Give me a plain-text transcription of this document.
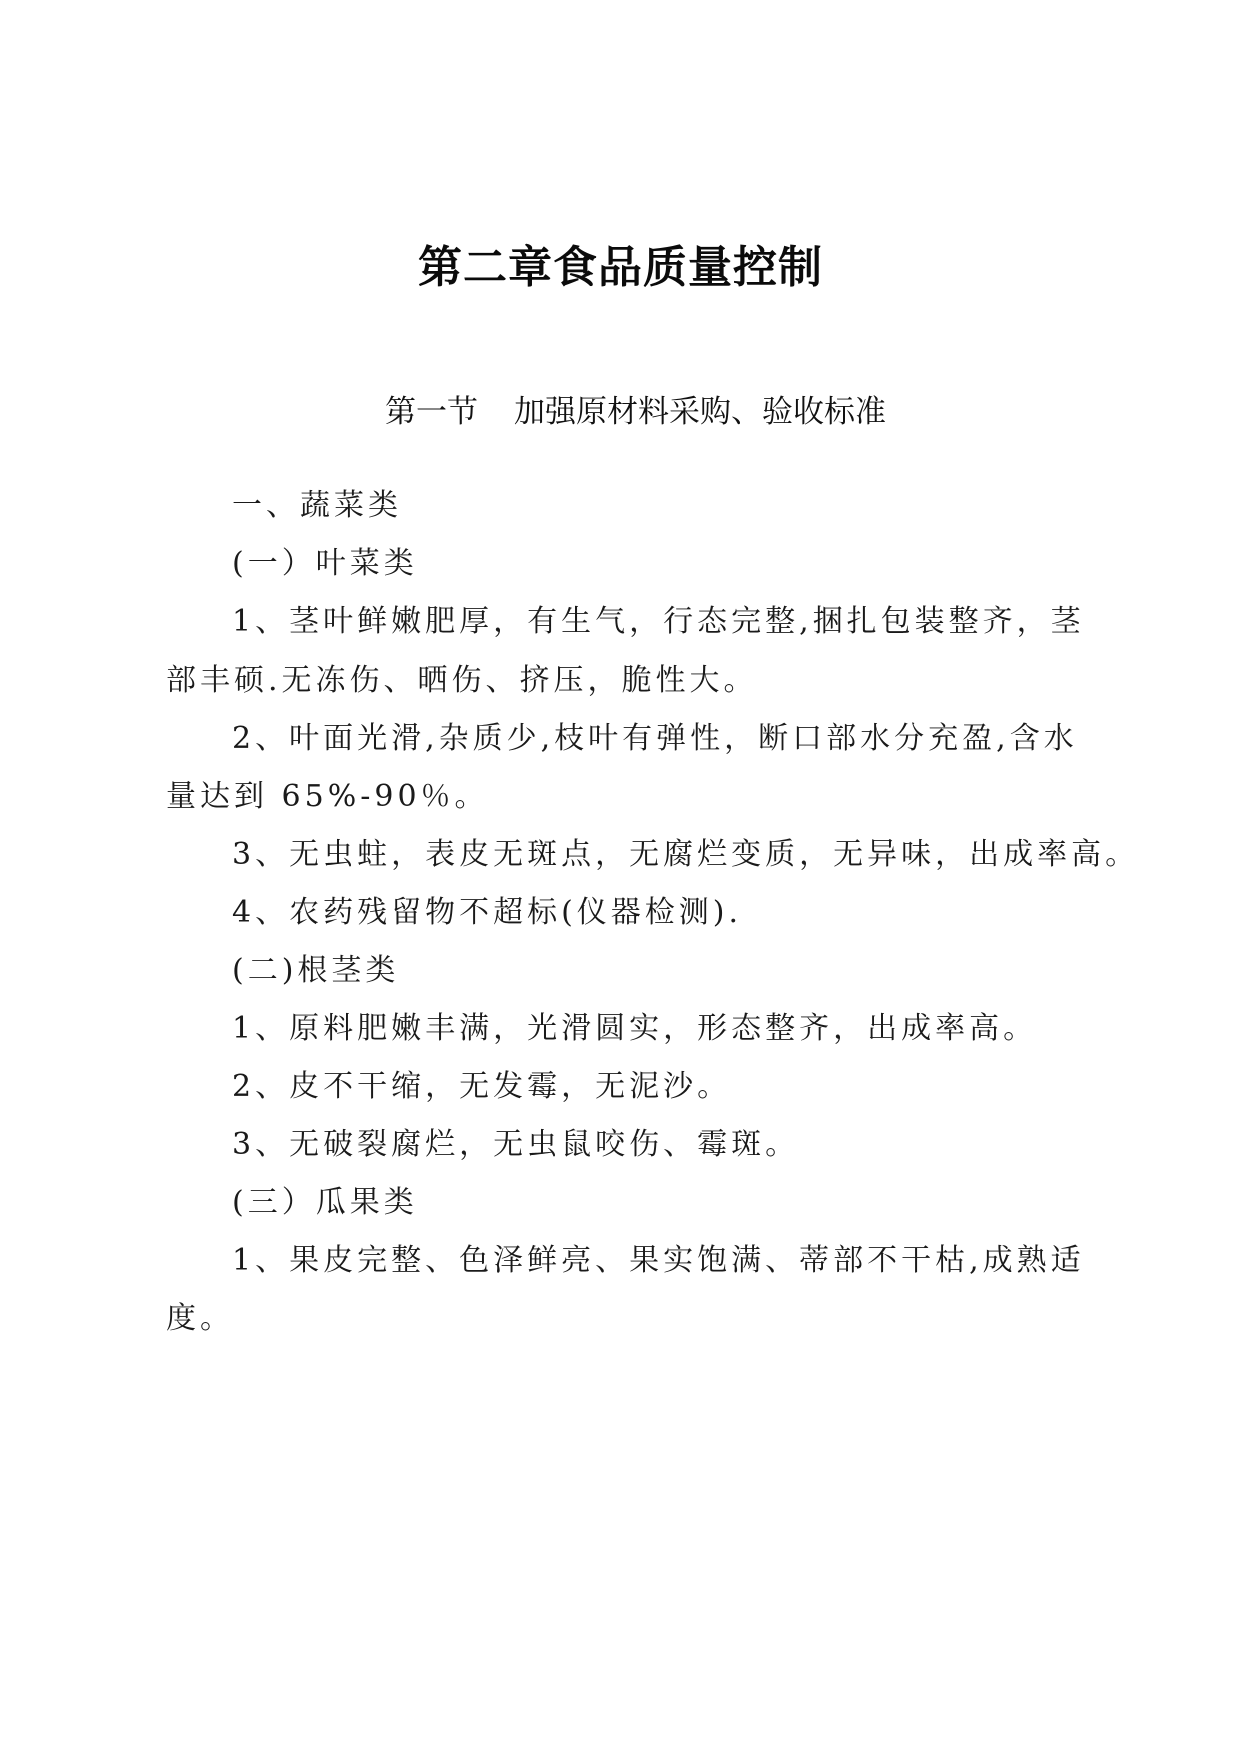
第二章食品质量控制
第一节 加强原材料采购、验收标准
一、蔬菜类
(一）叶菜类
1、茎叶鲜嫩肥厚，有生气，行态完整,捆扎包装整齐，茎
部丰硕.无冻伤、晒伤、挤压，脆性大。
2、叶面光滑,杂质少,枝叶有弹性，断口部水分充盈,含水
量达到 65%-90％。
3、无虫蛀，表皮无斑点，无腐烂变质，无异味，出成率高。
4、农药残留物不超标(仪器检测).
(二)根茎类
1、原料肥嫩丰满，光滑圆实，形态整齐，出成率高。
2、皮不干缩，无发霉，无泥沙。
3、无破裂腐烂，无虫鼠咬伤、霉斑。
(三）瓜果类
1、果皮完整、色泽鲜亮、果实饱满、蒂部不干枯,成熟适
度。
